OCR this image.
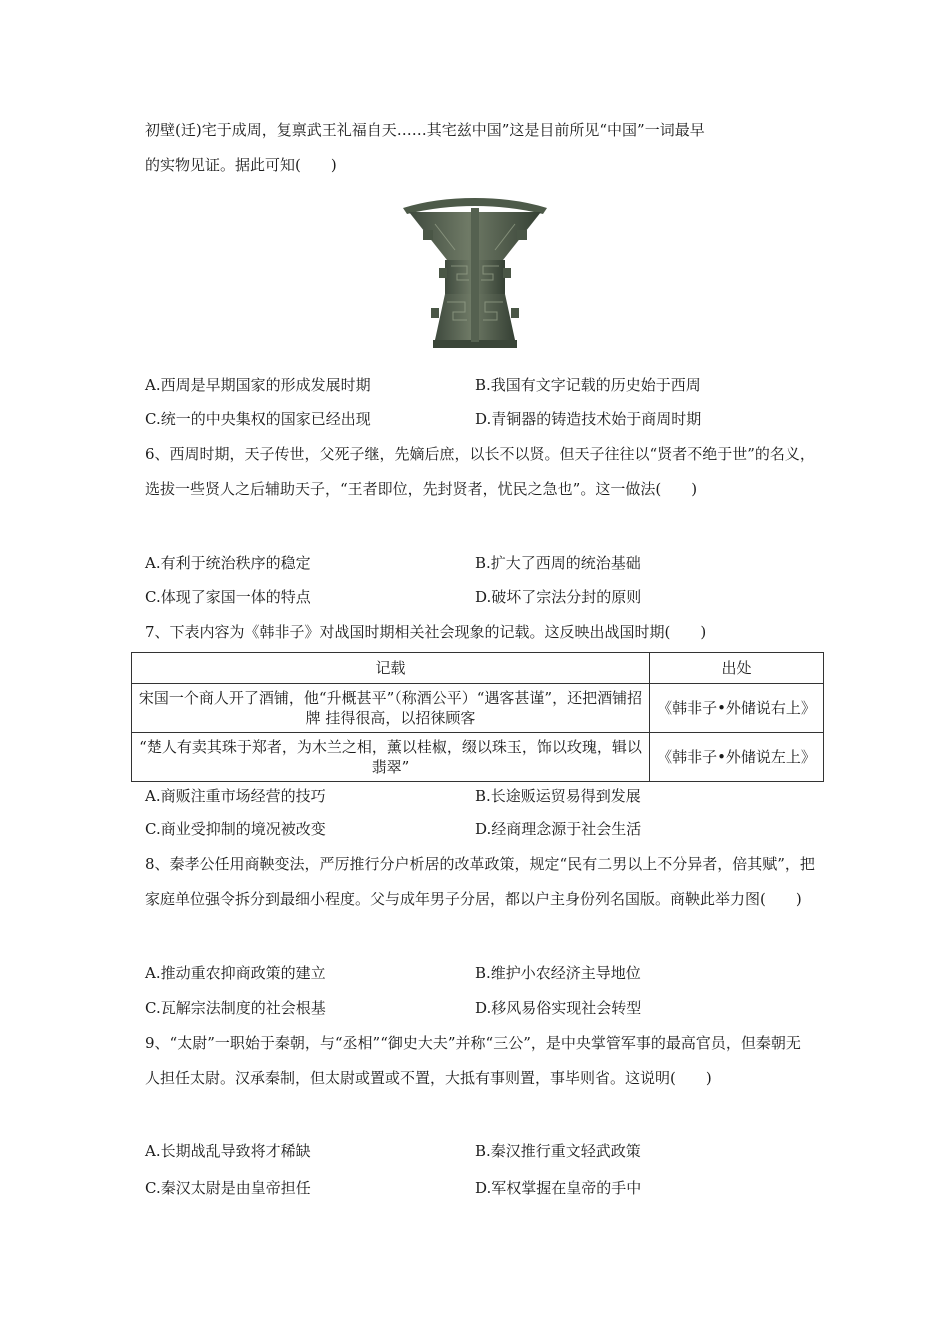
初壁(迁)宅于成周，复禀武王礼福自天……其宅兹中国”这是目前所见“中国”一词最早

的实物见证。据此可知(　　)

A.西周是早期国家的形成发展时期	B.我国有文字记载的历史始于西周
C.统一的中央集权的国家已经出现	D.青铜器的铸造技术始于商周时期

6、西周时期，天子传世，父死子继，先嫡后庶，以长不以贤。但天子往往以“贤者不绝于世”的名义，选拔一些贤人之后辅助天子，“王者即位，先封贤者，忧民之急也”。这一做法(　　)

A.有利于统治秩序的稳定	B.扩大了西周的统治基础
C.体现了家国一体的特点	D.破坏了宗法分封的原则

7、下表内容为《韩非子》对战国时期相关社会现象的记载。这反映出战国时期(　　)

记载	出处
宋国一个商人开了酒铺，他“升概甚平”（称酒公平）“遇客甚谨”，还把酒铺招牌 挂得很高，以招徕顾客	《韩非子•外储说右上》
“楚人有卖其珠于郑者，为木兰之相，薰以桂椒，缀以珠玉，饰以玫瑰，辑以翡翠”	《韩非子•外储说左上》
A.商贩注重市场经营的技巧	B.长途贩运贸易得到发展
C.商业受抑制的境况被改变	D.经商理念源于社会生活

8、秦孝公任用商鞅变法，严厉推行分户析居的改革政策，规定“民有二男以上不分异者，倍其赋”，把家庭单位强令拆分到最细小程度。父与成年男子分居，都以户主身份列名国版。商鞅此举力图(　　)

A.推动重农抑商政策的建立	B.维护小农经济主导地位
C.瓦解宗法制度的社会根基	D.移风易俗实现社会转型

9、“太尉”一职始于秦朝，与“丞相”“御史大夫”并称“三公”，是中央掌管军事的最高官员，但秦朝无人担任太尉。汉承秦制，但太尉或置或不置，大抵有事则置，事毕则省。这说明(　　)

A.长期战乱导致将才稀缺	B.秦汉推行重文轻武政策
C.秦汉太尉是由皇帝担任	D.军权掌握在皇帝的手中
